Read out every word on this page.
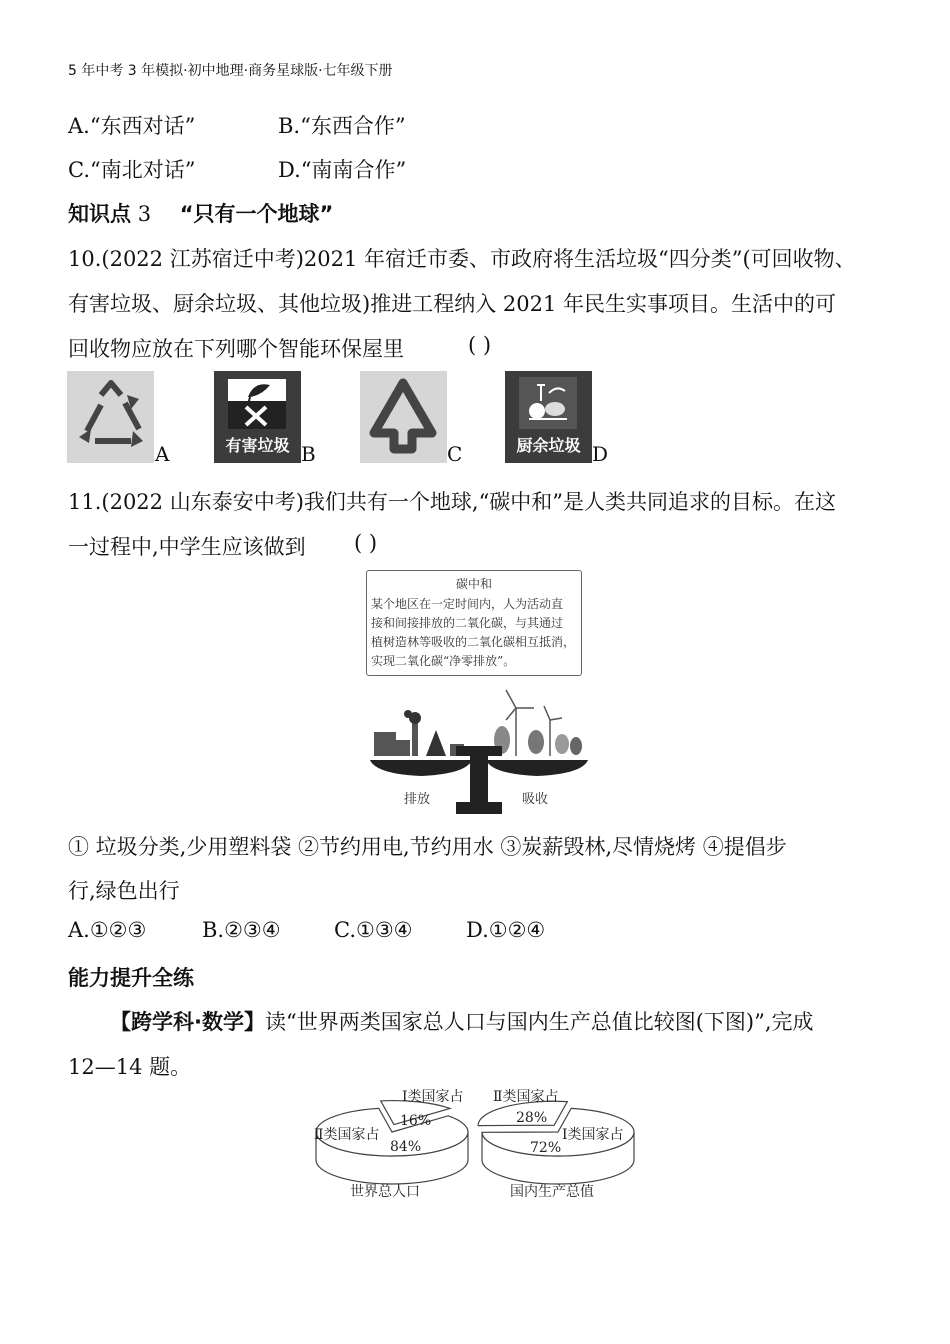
5 年中考 3 年模拟·初中地理·商务星球版·七年级下册
A.“东西对话”	B.“东西合作”
C.“南北对话”	D.“南南合作”
知识点 3 “只有一个地球”
10.(2022 江苏宿迁中考)2021 年宿迁市委、市政府将生活垃圾“四分类”(可回收物、
有害垃圾、厨余垃圾、其他垃圾)推进工程纳入 2021 年民生实事项目。生活中的可
回收物应放在下列哪个智能环保屋里	( )
A	有害垃圾 B	C	厨余垃圾 D
11.(2022 山东泰安中考)我们共有一个地球,“碳中和”是人类共同追求的目标。在这
一过程中,中学生应该做到 ( )
碳中和
某个地区在一定时间内，人为活动直
接和间接排放的二氧化碳，与其通过
植树造林等吸收的二氧化碳相互抵消，
实现二氧化碳“净零排放”。
排放	吸收
① 垃圾分类,少用塑料袋 ②节约用电,节约用水 ③炭薪毁林,尽情烧烤 ④提倡步
行,绿色出行
A.①②③	B.②③④	C.①③④	D.①②④
能力提升全练
【跨学科·数学】读“世界两类国家总人口与国内生产总值比较图(下图)”,完成
12—14 题。
Ⅰ类国家占
16%
Ⅱ类国家占
84%
世界总人口
Ⅱ类国家占
28%
Ⅰ类国家占
72%
国内生产总值
